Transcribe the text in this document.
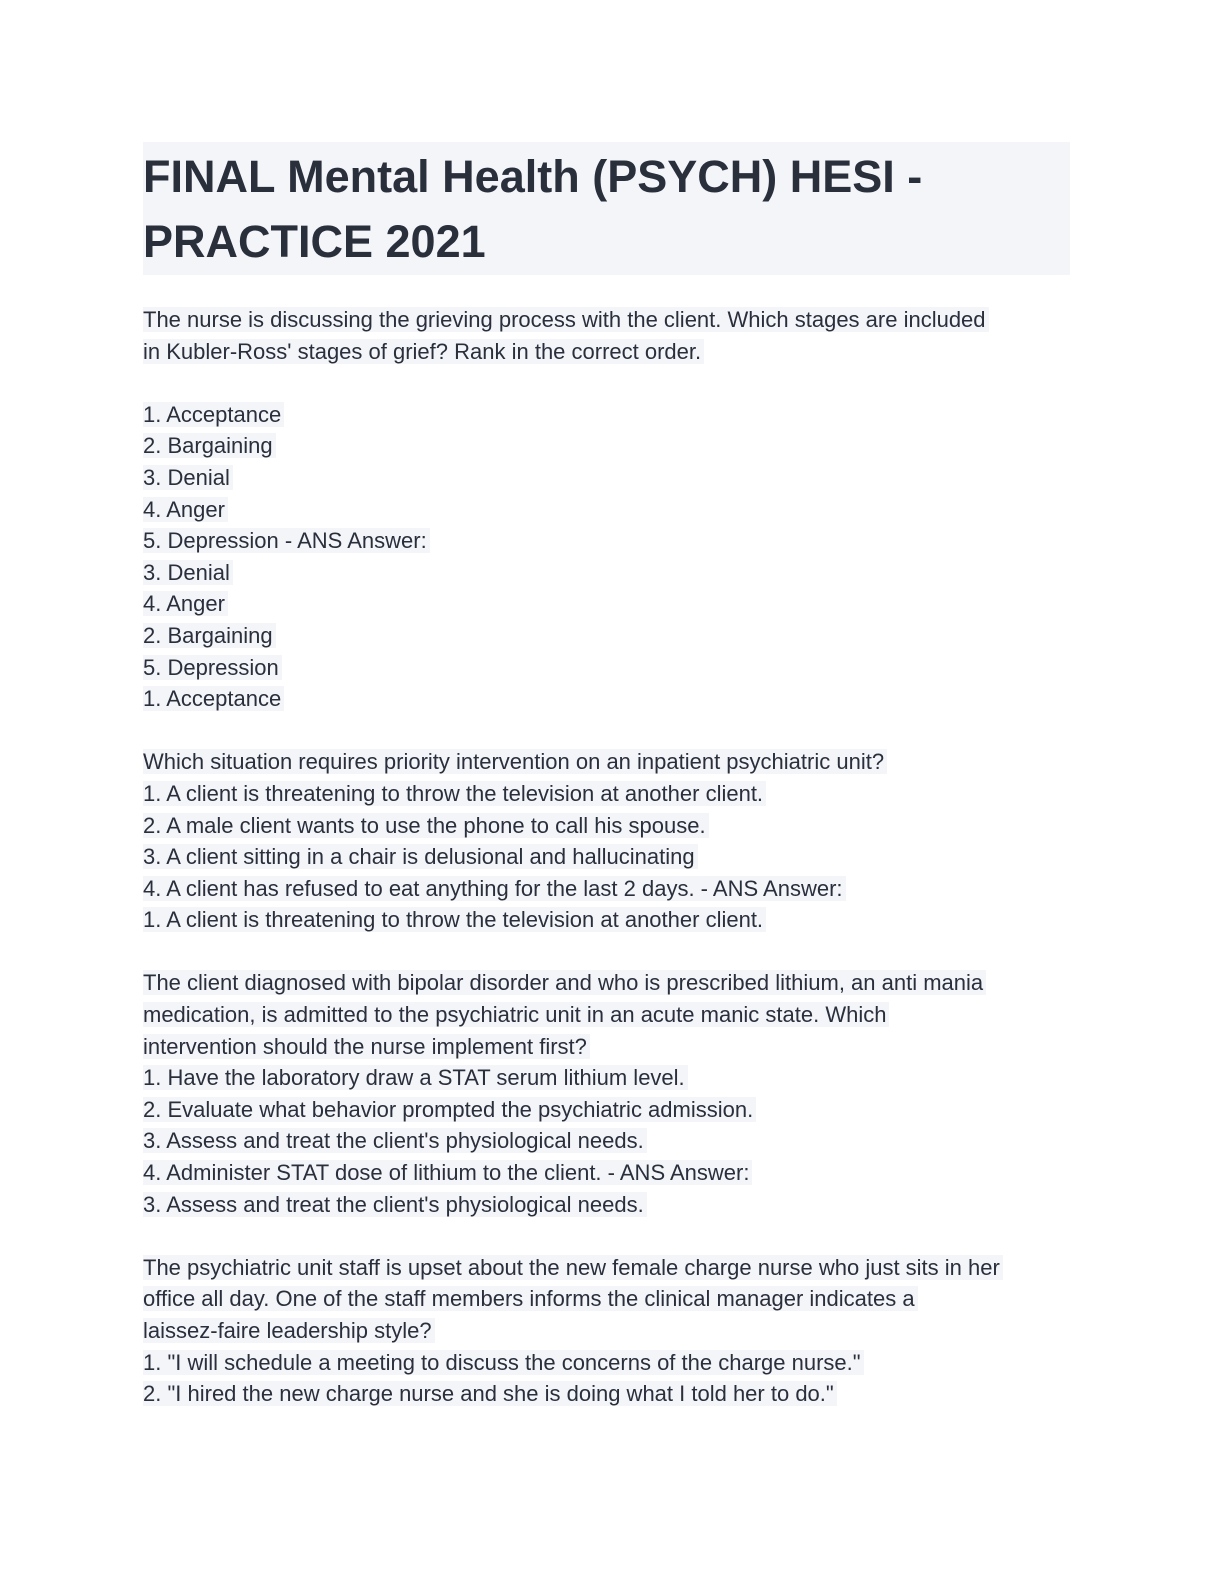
FINAL Mental Health (PSYCH) HESI -
PRACTICE 2021
The nurse is discussing the grieving process with the client. Which stages are included
in Kubler-Ross' stages of grief? Rank in the correct order.
1. Acceptance
2. Bargaining
3. Denial
4. Anger
5. Depression - ANS Answer:
3. Denial
4. Anger
2. Bargaining
5. Depression
1. Acceptance
Which situation requires priority intervention on an inpatient psychiatric unit?
1. A client is threatening to throw the television at another client.
2. A male client wants to use the phone to call his spouse.
3. A client sitting in a chair is delusional and hallucinating
4. A client has refused to eat anything for the last 2 days. - ANS Answer:
1. A client is threatening to throw the television at another client.
The client diagnosed with bipolar disorder and who is prescribed lithium, an anti mania
medication, is admitted to the psychiatric unit in an acute manic state. Which
intervention should the nurse implement first?
1. Have the laboratory draw a STAT serum lithium level.
2. Evaluate what behavior prompted the psychiatric admission.
3. Assess and treat the client's physiological needs.
4. Administer STAT dose of lithium to the client. - ANS Answer:
3. Assess and treat the client's physiological needs.
The psychiatric unit staff is upset about the new female charge nurse who just sits in her
office all day. One of the staff members informs the clinical manager indicates a
laissez-faire leadership style?
1. "I will schedule a meeting to discuss the concerns of the charge nurse."
2. "I hired the new charge nurse and she is doing what I told her to do."
